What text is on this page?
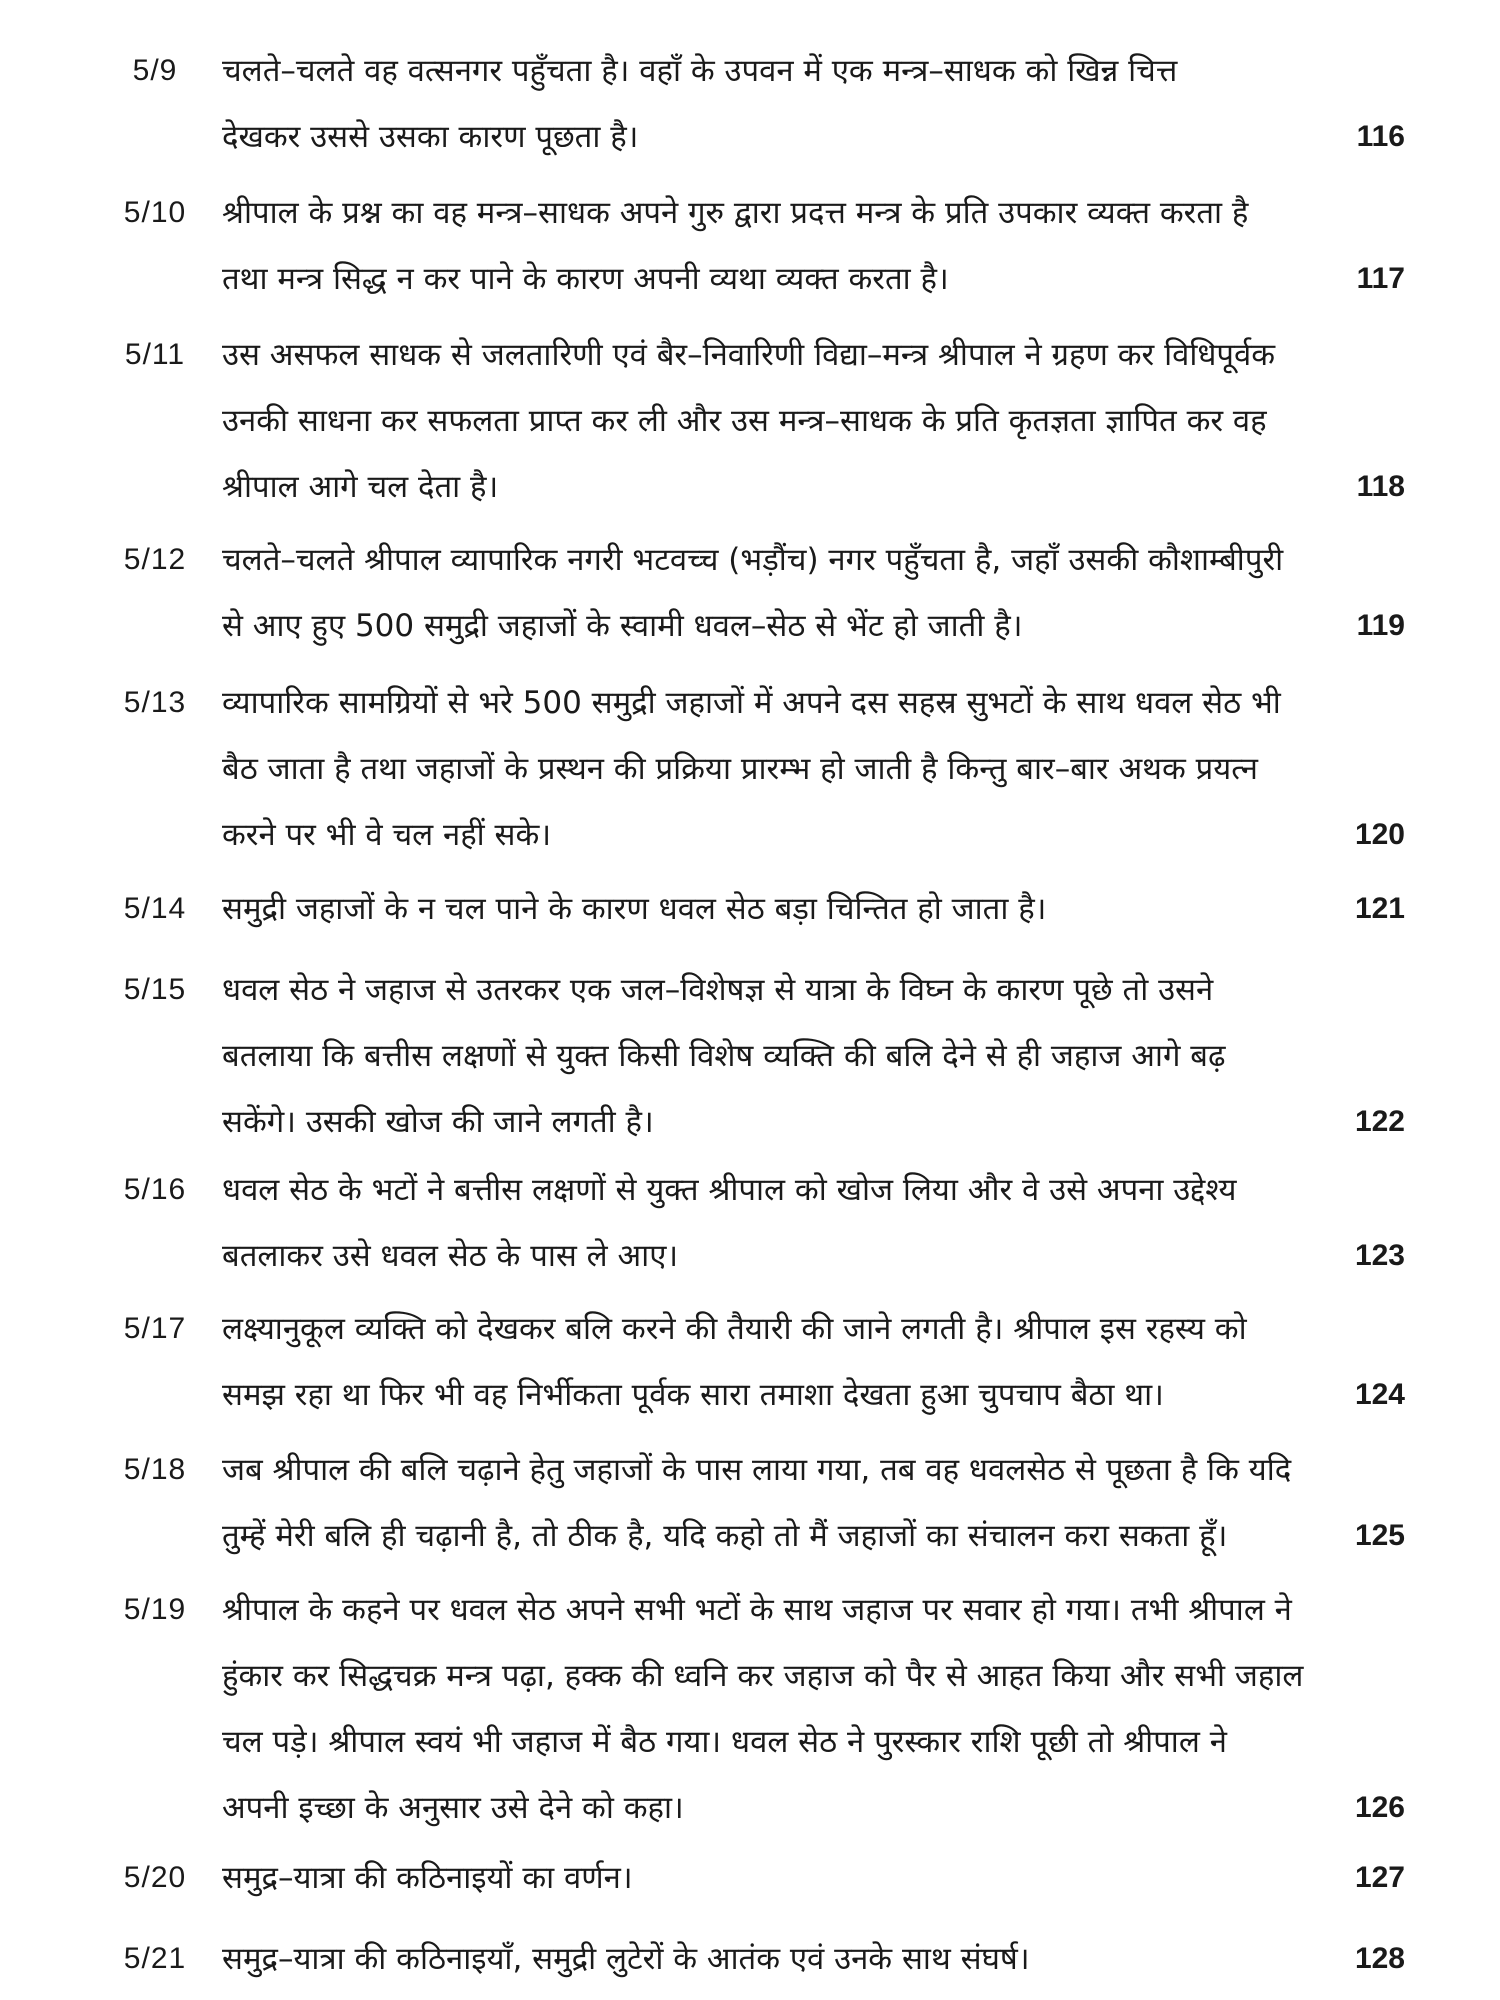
5/9	चलते–चलते वह वत्सनगर पहुँचता है। वहाँ के उपवन में एक मन्त्र–साधक को खिन्न चित्त
देखकर उससे उसका कारण पूछता है।	116
5/10	श्रीपाल के प्रश्न का वह मन्त्र–साधक अपने गुरु द्वारा प्रदत्त मन्त्र के प्रति उपकार व्यक्त करता है
तथा मन्त्र सिद्ध न कर पाने के कारण अपनी व्यथा व्यक्त करता है।	117
5/11	उस असफल साधक से जलतारिणी एवं बैर–निवारिणी विद्या–मन्त्र श्रीपाल ने ग्रहण कर विधिपूर्वक
उनकी साधना कर सफलता प्राप्त कर ली और उस मन्त्र–साधक के प्रति कृतज्ञता ज्ञापित कर वह
श्रीपाल आगे चल देता है।	118
5/12	चलते–चलते श्रीपाल व्यापारिक नगरी भटवच्च (भड़ौंच) नगर पहुँचता है, जहाँ उसकी कौशाम्बीपुरी
से आए हुए 500 समुद्री जहाजों के स्वामी धवल–सेठ से भेंट हो जाती है।	119
5/13	व्यापारिक सामग्रियों से भरे 500 समुद्री जहाजों में अपने दस सहस्र सुभटों के साथ धवल सेठ भी
बैठ जाता है तथा जहाजों के प्रस्थन की प्रक्रिया प्रारम्भ हो जाती है किन्तु बार–बार अथक प्रयत्न
करने पर भी वे चल नहीं सके।	120
5/14	समुद्री जहाजों के न चल पाने के कारण धवल सेठ बड़ा चिन्तित हो जाता है।	121
5/15	धवल सेठ ने जहाज से उतरकर एक जल–विशेषज्ञ से यात्रा के विघ्न के कारण पूछे तो उसने
बतलाया कि बत्तीस लक्षणों से युक्त किसी विशेष व्यक्ति की बलि देने से ही जहाज आगे बढ़
सकेंगे। उसकी खोज की जाने लगती है।	122
5/16	धवल सेठ के भटों ने बत्तीस लक्षणों से युक्त श्रीपाल को खोज लिया और वे उसे अपना उद्देश्य
बतलाकर उसे धवल सेठ के पास ले आए।	123
5/17	लक्ष्यानुकूल व्यक्ति को देखकर बलि करने की तैयारी की जाने लगती है। श्रीपाल इस रहस्य को
समझ रहा था फिर भी वह निर्भीकता पूर्वक सारा तमाशा देखता हुआ चुपचाप बैठा था।	124
5/18	जब श्रीपाल की बलि चढ़ाने हेतु जहाजों के पास लाया गया, तब वह धवलसेठ से पूछता है कि यदि
तुम्हें मेरी बलि ही चढ़ानी है, तो ठीक है, यदि कहो तो मैं जहाजों का संचालन करा सकता हूँ।	125
5/19	श्रीपाल के कहने पर धवल सेठ अपने सभी भटों के साथ जहाज पर सवार हो गया। तभी श्रीपाल ने
हुंकार कर सिद्धचक्र मन्त्र पढ़ा, हक्क की ध्वनि कर जहाज को पैर से आहत किया और सभी जहाल
चल पड़े। श्रीपाल स्वयं भी जहाज में बैठ गया। धवल सेठ ने पुरस्कार राशि पूछी तो श्रीपाल ने
अपनी इच्छा के अनुसार उसे देने को कहा।	126
5/20	समुद्र–यात्रा की कठिनाइयों का वर्णन।	127
5/21	समुद्र–यात्रा की कठिनाइयाँ, समुद्री लुटेरों के आतंक एवं उनके साथ संघर्ष।	128
